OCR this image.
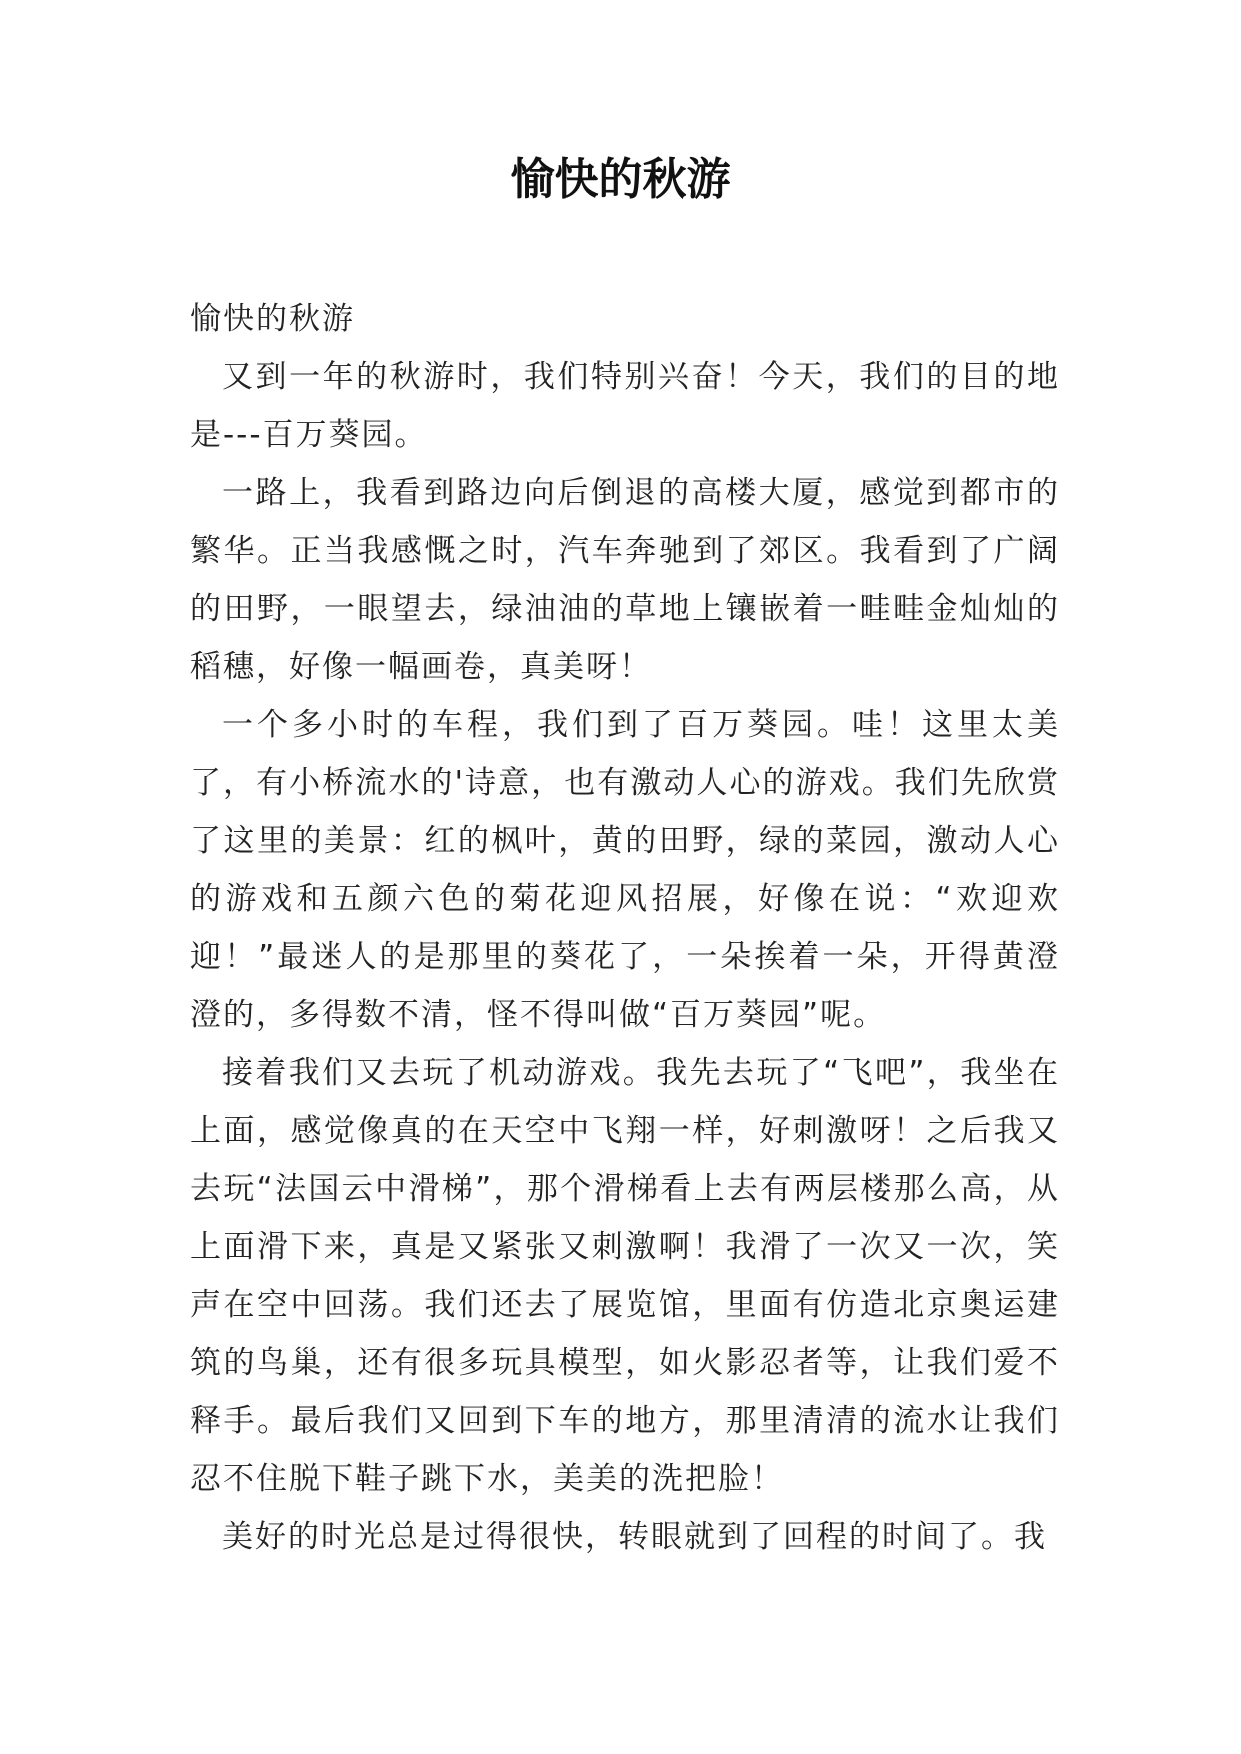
愉快的秋游

愉快的秋游

又到一年的秋游时，我们特别兴奋！今天，我们的目的地是---百万葵园。

一路上，我看到路边向后倒退的高楼大厦，感觉到都市的繁华。正当我感慨之时，汽车奔驰到了郊区。我看到了广阔的田野，一眼望去，绿油油的草地上镶嵌着一畦畦金灿灿的稻穗，好像一幅画卷，真美呀！

一个多小时的车程，我们到了百万葵园。哇！这里太美了，有小桥流水的'诗意，也有激动人心的游戏。我们先欣赏了这里的美景：红的枫叶，黄的田野，绿的菜园，激动人心的游戏和五颜六色的菊花迎风招展，好像在说：“欢迎欢迎！”最迷人的是那里的葵花了，一朵挨着一朵，开得黄澄澄的，多得数不清，怪不得叫做“百万葵园”呢。

接着我们又去玩了机动游戏。我先去玩了“飞吧”，我坐在上面，感觉像真的在天空中飞翔一样，好刺激呀！之后我又去玩“法国云中滑梯”，那个滑梯看上去有两层楼那么高，从上面滑下来，真是又紧张又刺激啊！我滑了一次又一次，笑声在空中回荡。我们还去了展览馆，里面有仿造北京奥运建筑的鸟巢，还有很多玩具模型，如火影忍者等，让我们爱不释手。最后我们又回到下车的地方，那里清清的流水让我们忍不住脱下鞋子跳下水，美美的洗把脸！

美好的时光总是过得很快，转眼就到了回程的时间了。我
